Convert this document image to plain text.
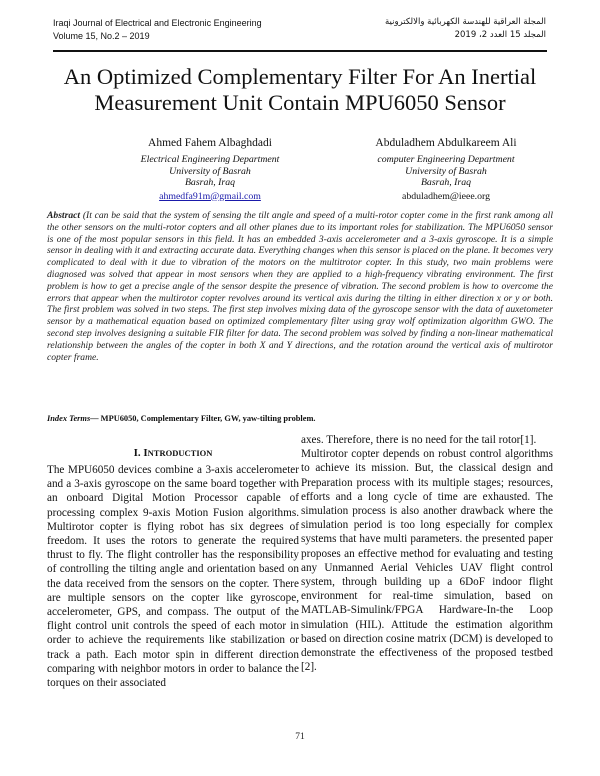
Iraqi Journal of Electrical and Electronic Engineering
Volume 15, No.2 – 2019
المجلة العراقية للهندسة الكهربائية والالكترونية
المجلد 15 العدد 2، 2019
An Optimized Complementary Filter For An Inertial
Measurement Unit Contain MPU6050 Sensor
Ahmed Fahem Albaghdadi
Electrical Engineering Department
University of Basrah
Basrah, Iraq
ahmedfa91m@gmail.com
Abduladhem Abdulkareem Ali
computer Engineering Department
University of Basrah
Basrah, Iraq
abduladhem@ieee.org
Abstract (It can be said that the system of sensing the tilt angle and speed of a multi-rotor copter come in the first rank among all the other sensors on the multi-rotor copters and all other planes due to its important roles for stabilization. The MPU6050 sensor is one of the most popular sensors in this field. It has an embedded 3-axis accelerometer and a 3-axis gyroscope. It is a simple sensor in dealing with it and extracting accurate data. Everything changes when this sensor is placed on the plane. It becomes very complicated to deal with it due to vibration of the motors on the multitrotor copter. In this study, two main problems were diagnosed was solved that appear in most sensors when they are applied to a high-frequency vibrating environment. The first problem is how to get a precise angle of the sensor despite the presence of vibration. The second problem is how to overcome the errors that appear when the multirotor copter revolves around its vertical axis during the tilting in either direction x or y or both. The first problem was solved in two steps. The first step involves mixing data of the gyroscope sensor with the data of auxetometer sensor by a mathematical equation based on optimized complementary filter using gray wolf optimization algorithm GWO. The second step involves designing a suitable FIR filter for data. The second problem was solved by finding a non-linear mathematical relationship between the angles of the copter in both X and Y directions, and the rotation around the vertical axis of multirotor copter frame.
Index Terms— MPU6050, Complementary Filter, GW, yaw-tilting problem.
I. INTRODUCTION

The MPU6050 devices combine a 3-axis accelerometer and a 3-axis gyroscope on the same board together with an onboard Digital Motion Processor capable of processing complex 9-axis Motion Fusion algorithms. Multirotor copter is flying robot has six degrees of freedom. It uses the rotors to generate the required thrust to fly. The flight controller has the responsibility of controlling the tilting angle and orientation based on the data received from the sensors on the copter. There are multiple sensors on the copter like gyroscope, accelerometer, GPS, and compass. The output of the flight control unit controls the speed of each motor in order to achieve the requirements like stabilization or track a path. Each motor spin in different direction comparing with neighbor motors in order to balance the torques on their associated

axes. Therefore, there is no need for the tail rotor[1].

Multirotor copter depends on robust control algorithms to achieve its mission. But, the classical design and Preparation process with its multiple stages; resources, efforts and a long cycle of time are exhausted. The simulation process is also another drawback where the simulation period is too long especially for complex systems that have multi parameters. the presented paper proposes an effective method for evaluating and testing any Unmanned Aerial Vehicles UAV flight control system, through building up a 6DoF indoor flight environment for real-time simulation, based on MATLAB-Simulink/FPGA Hardware-In-the Loop simulation (HIL). Attitude the estimation algorithm based on direction cosine matrix (DCM) is developed to demonstrate the effectiveness of the proposed testbed [2].

71
